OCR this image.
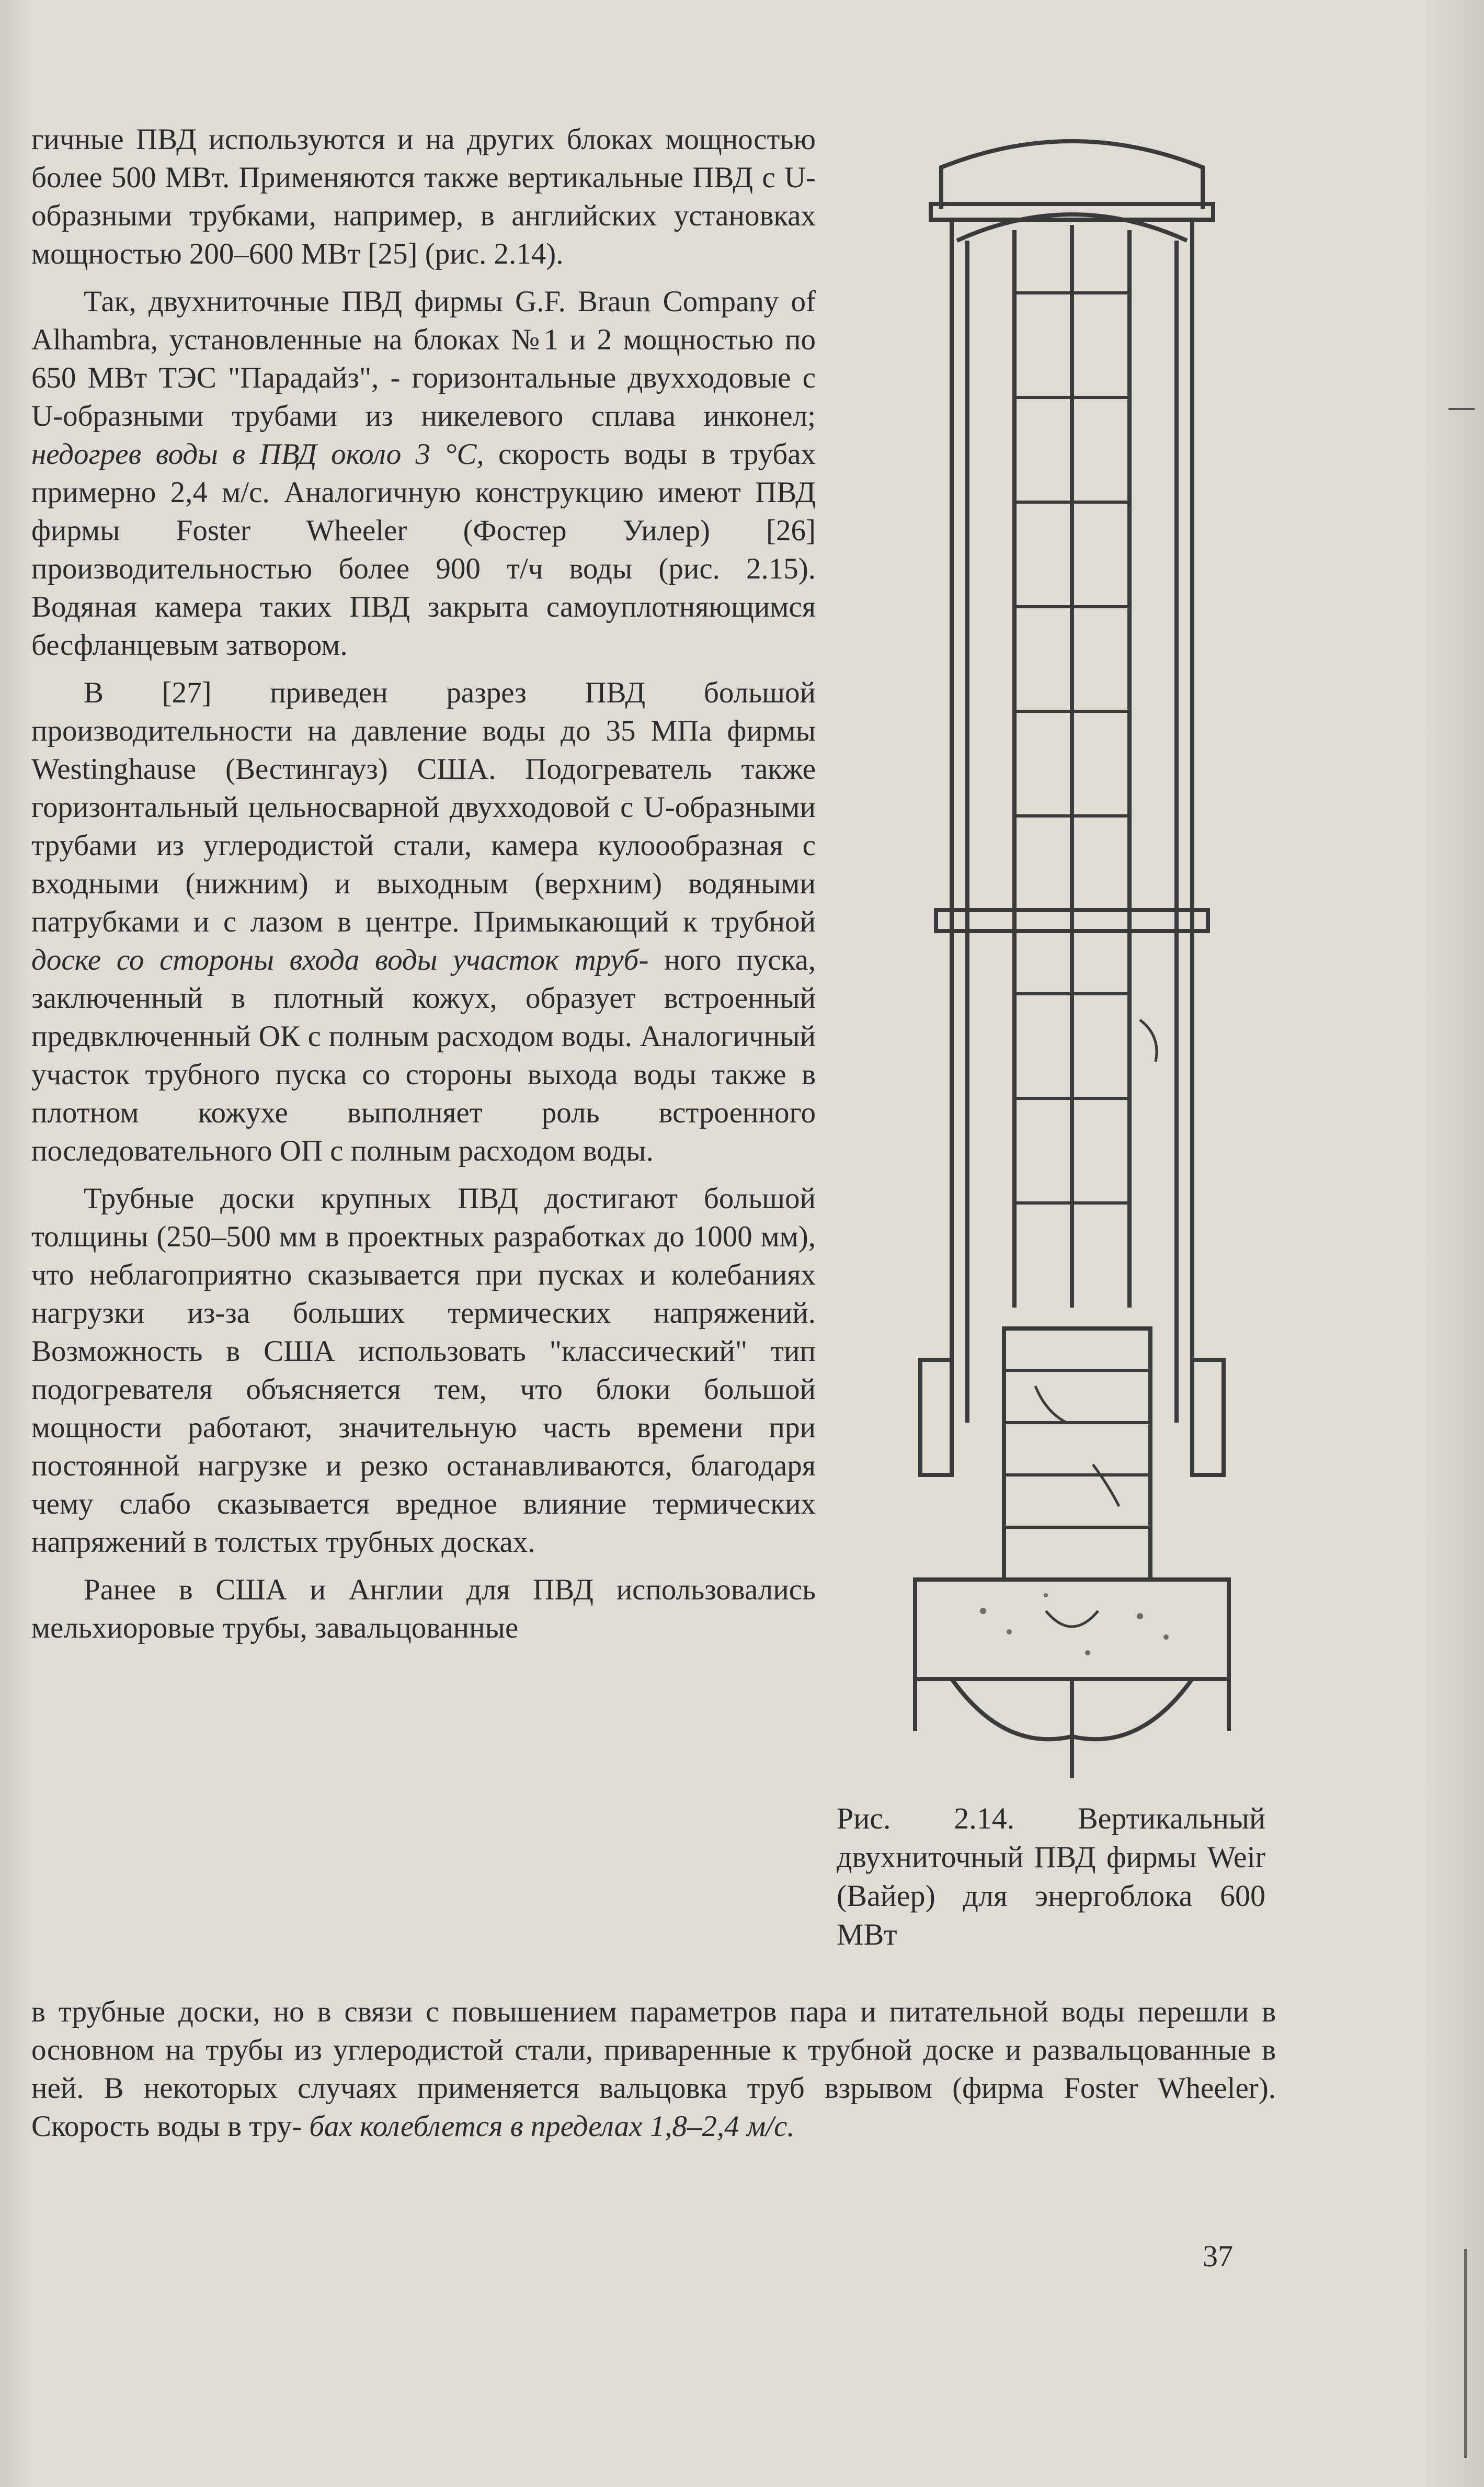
гичные ПВД используются и на других блоках мощностью более 500 МВт. Применяются также вертикальные ПВД с U-образными трубками, например, в английских установках мощностью 200–600 МВт [25] (рис. 2.14).

Так, двухниточные ПВД фирмы G.F. Braun Company of Alhambra, установленные на блоках №1 и 2 мощностью по 650 МВт ТЭС "Парадайз", - горизонтальные двухходовые с U-образными трубами из никелевого сплава инконел; недогрев воды в ПВД около 3 °С, скорость воды в трубах примерно 2,4 м/с. Аналогичную конструкцию имеют ПВД фирмы Foster Wheeler (Фостер Уилер) [26] производительностью более 900 т/ч воды (рис. 2.15). Водяная камера таких ПВД закрыта самоуплотняющимся бесфланцевым затвором.

В [27] приведен разрез ПВД большой производительности на давление воды до 35 МПа фирмы Westinghause (Вестингауз) США. Подогреватель также горизонтальный цельносварной двухходовой с U-образными трубами из углеродистой стали, камера кулоообразная с входными (нижним) и выходным (верхним) водяными патрубками и с лазом в центре. Примыкающий к трубной доске со стороны входа воды участок труб- ного пуска, заключенный в плотный кожух, образует встроенный предвключенный ОК с полным расходом воды. Аналогичный участок трубного пуска со стороны выхода воды также в плотном кожухе выполняет роль встроенного последовательного ОП с полным расходом воды.

Трубные доски крупных ПВД достигают большой толщины (250–500 мм в проектных разработках до 1000 мм), что неблагоприятно сказывается при пусках и колебаниях нагрузки из-за больших термических напряжений. Возможность в США использовать "классический" тип подогревателя объясняется тем, что блоки большой мощности работают, значительную часть времени при постоянной нагрузке и резко останавливаются, благодаря чему слабо сказывается вредное влияние термических напряжений в толстых трубных досках.

Ранее в США и Англии для ПВД использовались мельхиоровые трубы, завальцованные

в трубные доски, но в связи с повышением параметров пара и питательной воды перешли в основном на трубы из углеродистой стали, приваренные к трубной доске и развальцованные в ней. В некоторых случаях применяется вальцовка труб взрывом (фирма Foster Wheeler). Скорость воды в тру- бах колеблется в пределах 1,8–2,4 м/с.
Рис. 2.14. Вертикальный двухниточный ПВД фирмы Weir (Вайер) для энергоблока 600 МВт
37
